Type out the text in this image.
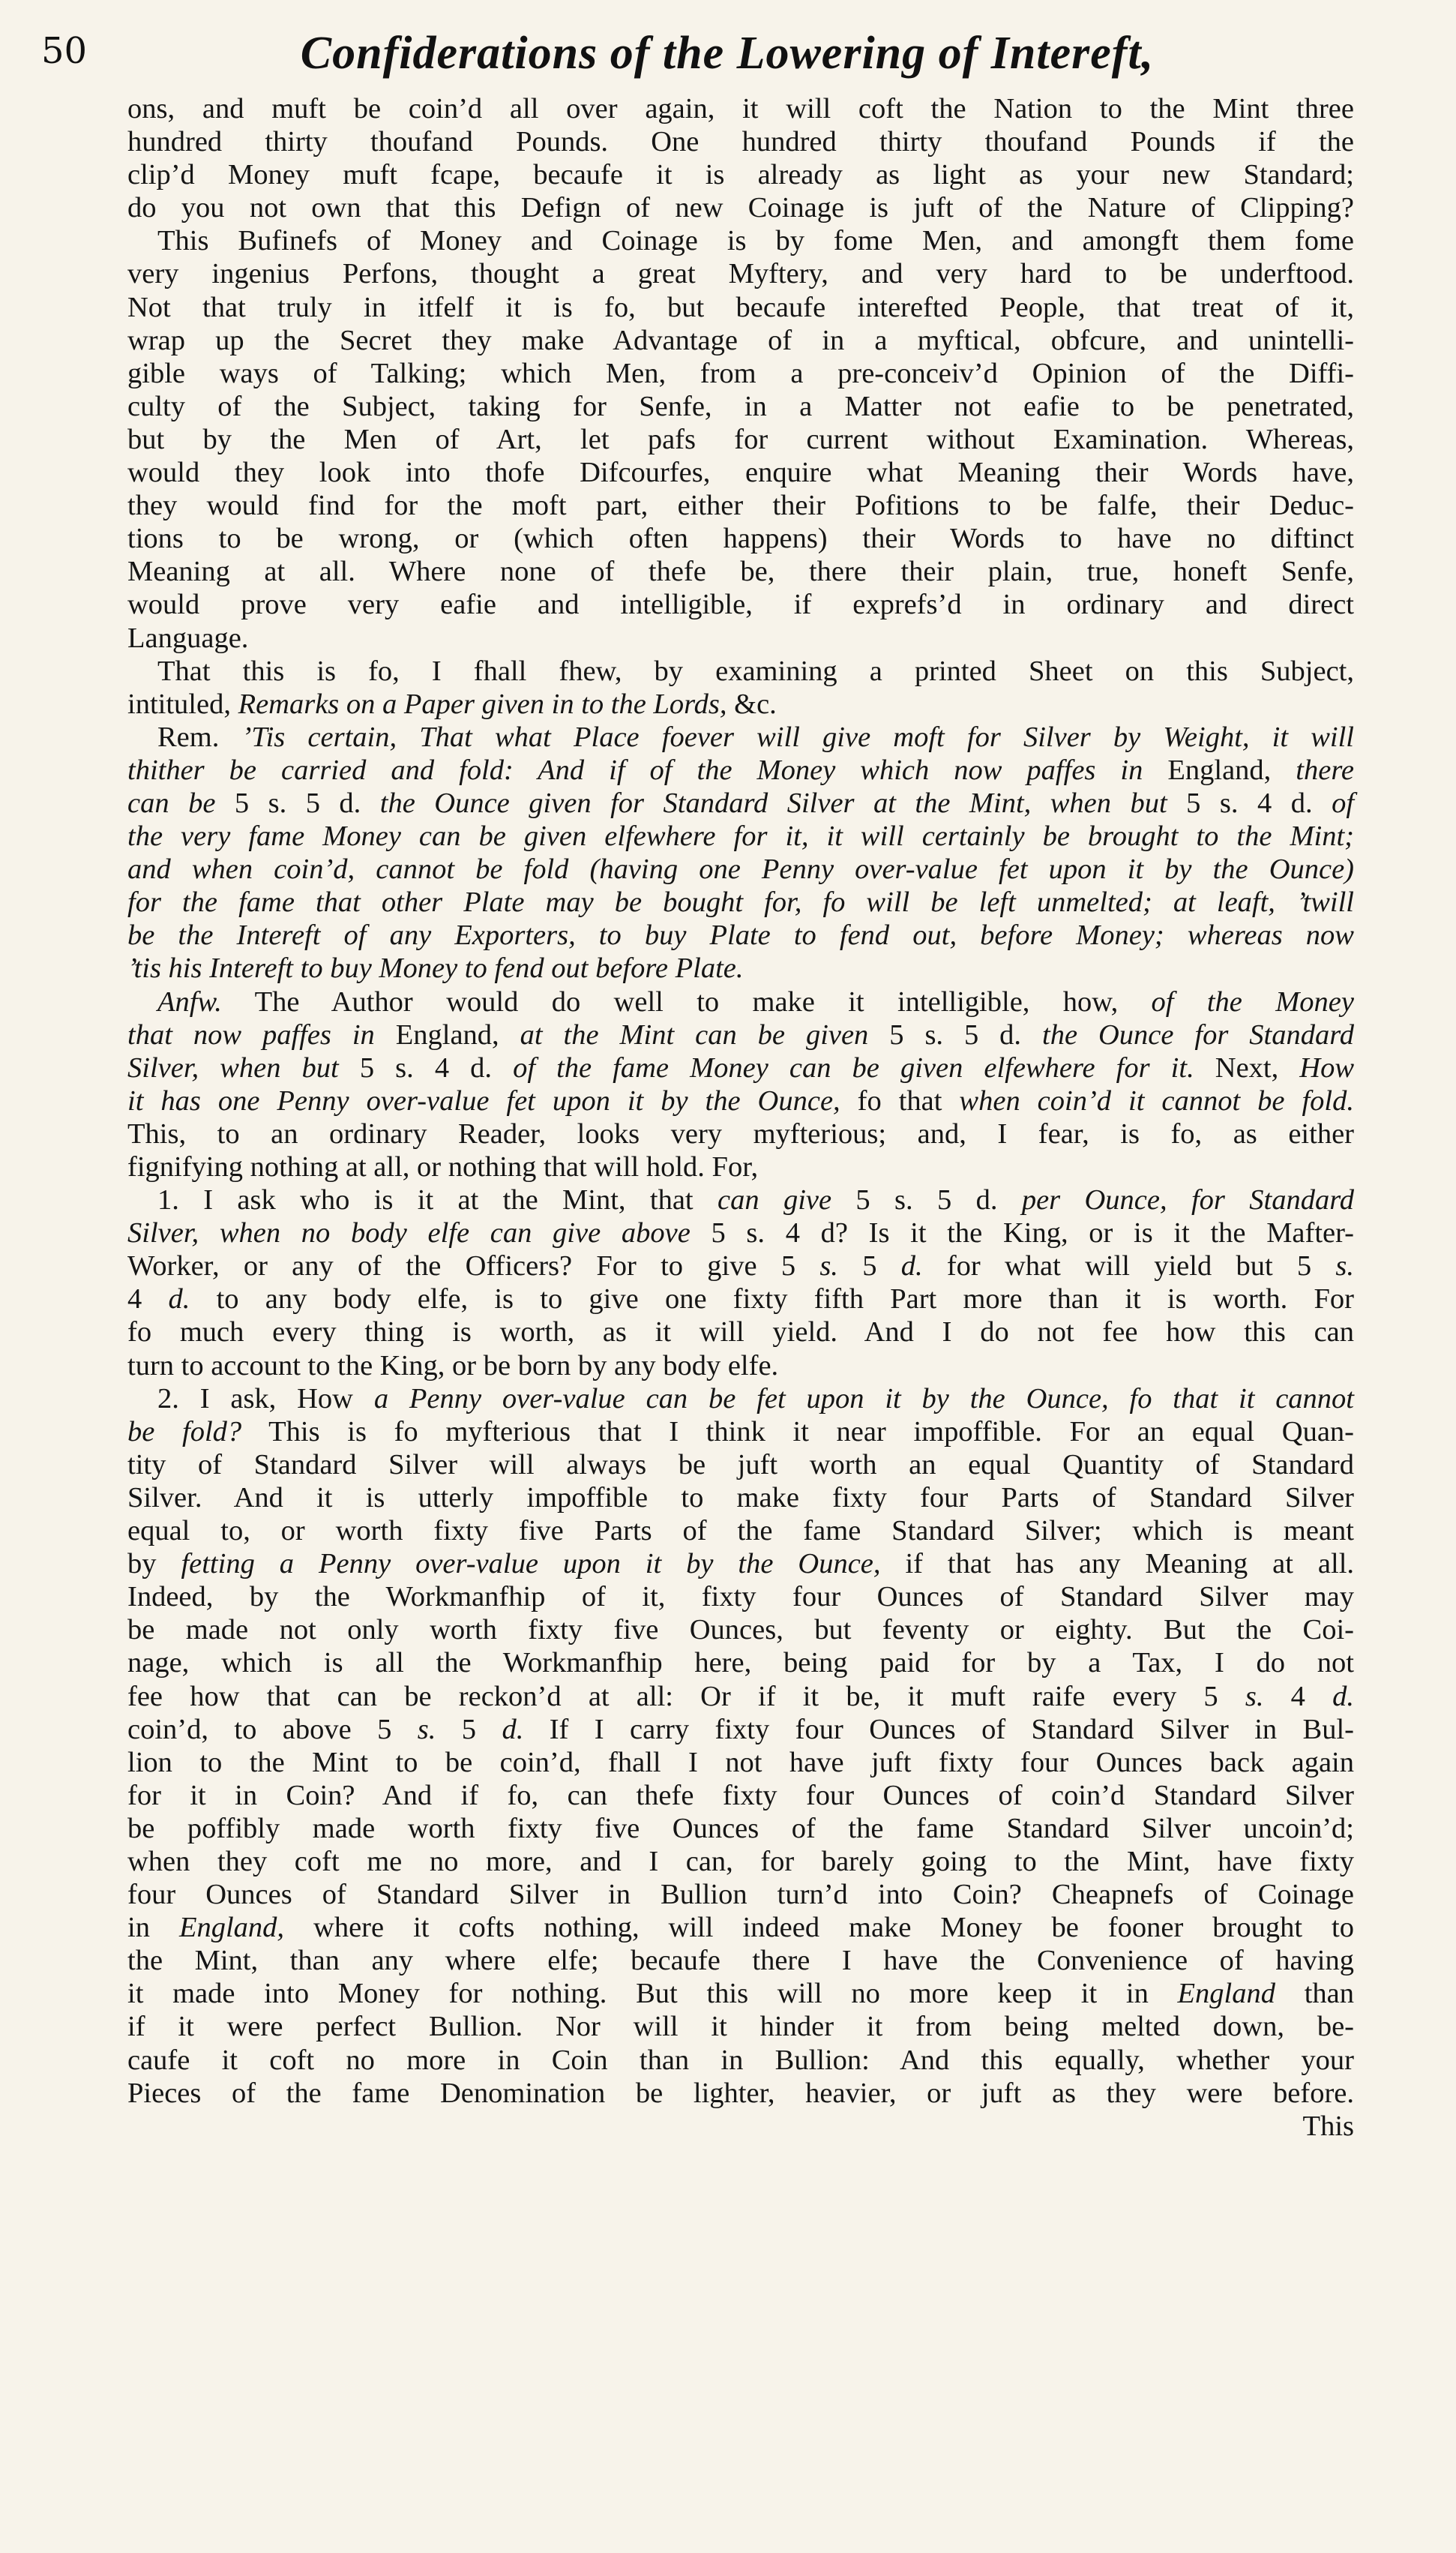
50	Confiderations of the Lowering of Intereft,
ons, and muft be coin’d all over again, it will coft the Nation to the Mint three
hundred thirty thoufand Pounds. One hundred thirty thoufand Pounds if the
clip’d Money muft fcape, becaufe it is already as light as your new Standard;
do you not own that this Defign of new Coinage is juft of the Nature of Clipping?
This Bufinefs of Money and Coinage is by fome Men, and amongft them fome
very ingenius Perfons, thought a great Myftery, and very hard to be underftood.
Not that truly in itfelf it is fo, but becaufe interefted People, that treat of it,
wrap up the Secret they make Advantage of in a myftical, obfcure, and unintelli-
gible ways of Talking; which Men, from a pre-conceiv’d Opinion of the Diffi-
culty of the Subject, taking for Senfe, in a Matter not eafie to be penetrated,
but by the Men of Art, let pafs for current without Examination. Whereas,
would they look into thofe Difcourfes, enquire what Meaning their Words have,
they would find for the moft part, either their Pofitions to be falfe, their Deduc-
tions to be wrong, or (which often happens) their Words to have no diftinct
Meaning at all. Where none of thefe be, there their plain, true, honeft Senfe,
would prove very eafie and intelligible, if exprefs’d in ordinary and direct
Language.
That this is fo, I fhall fhew, by examining a printed Sheet on this Subject,
intituled, Remarks on a Paper given in to the Lords, &c.
Rem. ’Tis certain, That what Place foever will give moft for Silver by Weight, it will
thither be carried and fold: And if of the Money which now paffes in England, there
can be 5 s. 5 d. the Ounce given for Standard Silver at the Mint, when but 5 s. 4 d. of
the very fame Money can be given elfewhere for it, it will certainly be brought to the Mint;
and when coin’d, cannot be fold (having one Penny over-value fet upon it by the Ounce)
for the fame that other Plate may be bought for, fo will be left unmelted; at leaft, ’twill
be the Intereft of any Exporters, to buy Plate to fend out, before Money; whereas now
’tis his Intereft to buy Money to fend out before Plate.
Anfw. The Author would do well to make it intelligible, how, of the Money
that now paffes in England, at the Mint can be given 5 s. 5 d. the Ounce for Standard
Silver, when but 5 s. 4 d. of the fame Money can be given elfewhere for it. Next, How
it has one Penny over-value fet upon it by the Ounce, fo that when coin’d it cannot be fold.
This, to an ordinary Reader, looks very myfterious; and, I fear, is fo, as either
fignifying nothing at all, or nothing that will hold. For,
1. I ask who is it at the Mint, that can give 5 s. 5 d. per Ounce, for Standard
Silver, when no body elfe can give above 5 s. 4 d? Is it the King, or is it the Mafter-
Worker, or any of the Officers? For to give 5 s. 5 d. for what will yield but 5 s.
4 d. to any body elfe, is to give one fixty fifth Part more than it is worth. For
fo much every thing is worth, as it will yield. And I do not fee how this can
turn to account to the King, or be born by any body elfe.
2. I ask, How a Penny over-value can be fet upon it by the Ounce, fo that it cannot
be fold? This is fo myfterious that I think it near impoffible. For an equal Quan-
tity of Standard Silver will always be juft worth an equal Quantity of Standard
Silver. And it is utterly impoffible to make fixty four Parts of Standard Silver
equal to, or worth fixty five Parts of the fame Standard Silver; which is meant
by fetting a Penny over-value upon it by the Ounce, if that has any Meaning at all.
Indeed, by the Workmanfhip of it, fixty four Ounces of Standard Silver may
be made not only worth fixty five Ounces, but feventy or eighty. But the Coi-
nage, which is all the Workmanfhip here, being paid for by a Tax, I do not
fee how that can be reckon’d at all: Or if it be, it muft raife every 5 s. 4 d.
coin’d, to above 5 s. 5 d. If I carry fixty four Ounces of Standard Silver in Bul-
lion to the Mint to be coin’d, fhall I not have juft fixty four Ounces back again
for it in Coin? And if fo, can thefe fixty four Ounces of coin’d Standard Silver
be poffibly made worth fixty five Ounces of the fame Standard Silver uncoin’d;
when they coft me no more, and I can, for barely going to the Mint, have fixty
four Ounces of Standard Silver in Bullion turn’d into Coin? Cheapnefs of Coinage
in England, where it cofts nothing, will indeed make Money be fooner brought to
the Mint, than any where elfe; becaufe there I have the Convenience of having
it made into Money for nothing. But this will no more keep it in England than
if it were perfect Bullion. Nor will it hinder it from being melted down, be-
caufe it coft no more in Coin than in Bullion: And this equally, whether your
Pieces of the fame Denomination be lighter, heavier, or juft as they were before.
This
